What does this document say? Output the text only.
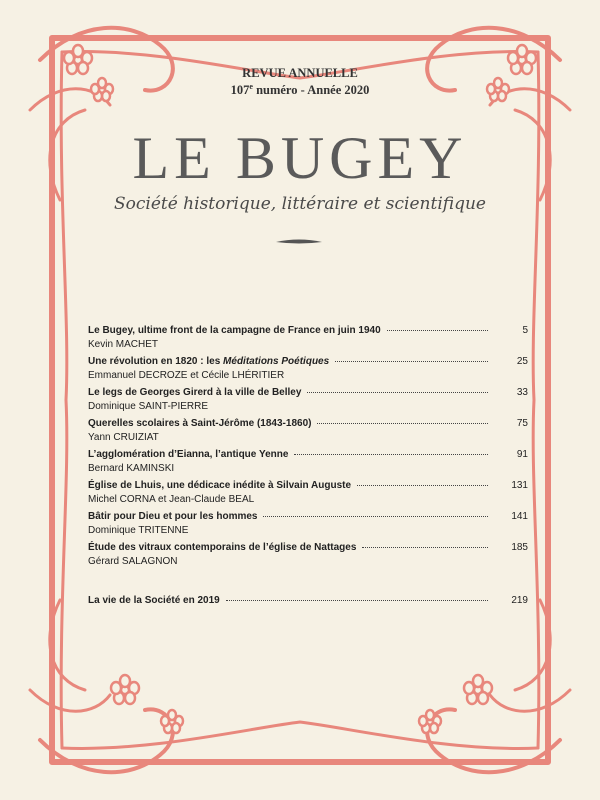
REVUE ANNUELLE
107e numéro - Année 2020
LE BUGEY
Société historique, littéraire et scientifique
Le Bugey, ultime front de la campagne de France en juin 1940	5
Kevin MACHET
Une révolution en 1820 : les Méditations Poétiques	25
Emmanuel DECROZE et Cécile LHÉRITIER
Le legs de Georges Girerd à la ville de Belley	33
Dominique SAINT-PIERRE
Querelles scolaires à Saint-Jérôme (1843-1860)	75
Yann CRUIZIAT
L’agglomération d’Eianna, l’antique Yenne	91
Bernard KAMINSKI
Église de Lhuis, une dédicace inédite à Silvain Auguste	131
Michel CORNA et Jean-Claude BEAL
Bâtir pour Dieu et pour les hommes	141
Dominique TRITENNE
Étude des vitraux contemporains de l’église de Nattages	185
Gérard SALAGNON
La vie de la Société en 2019	219
